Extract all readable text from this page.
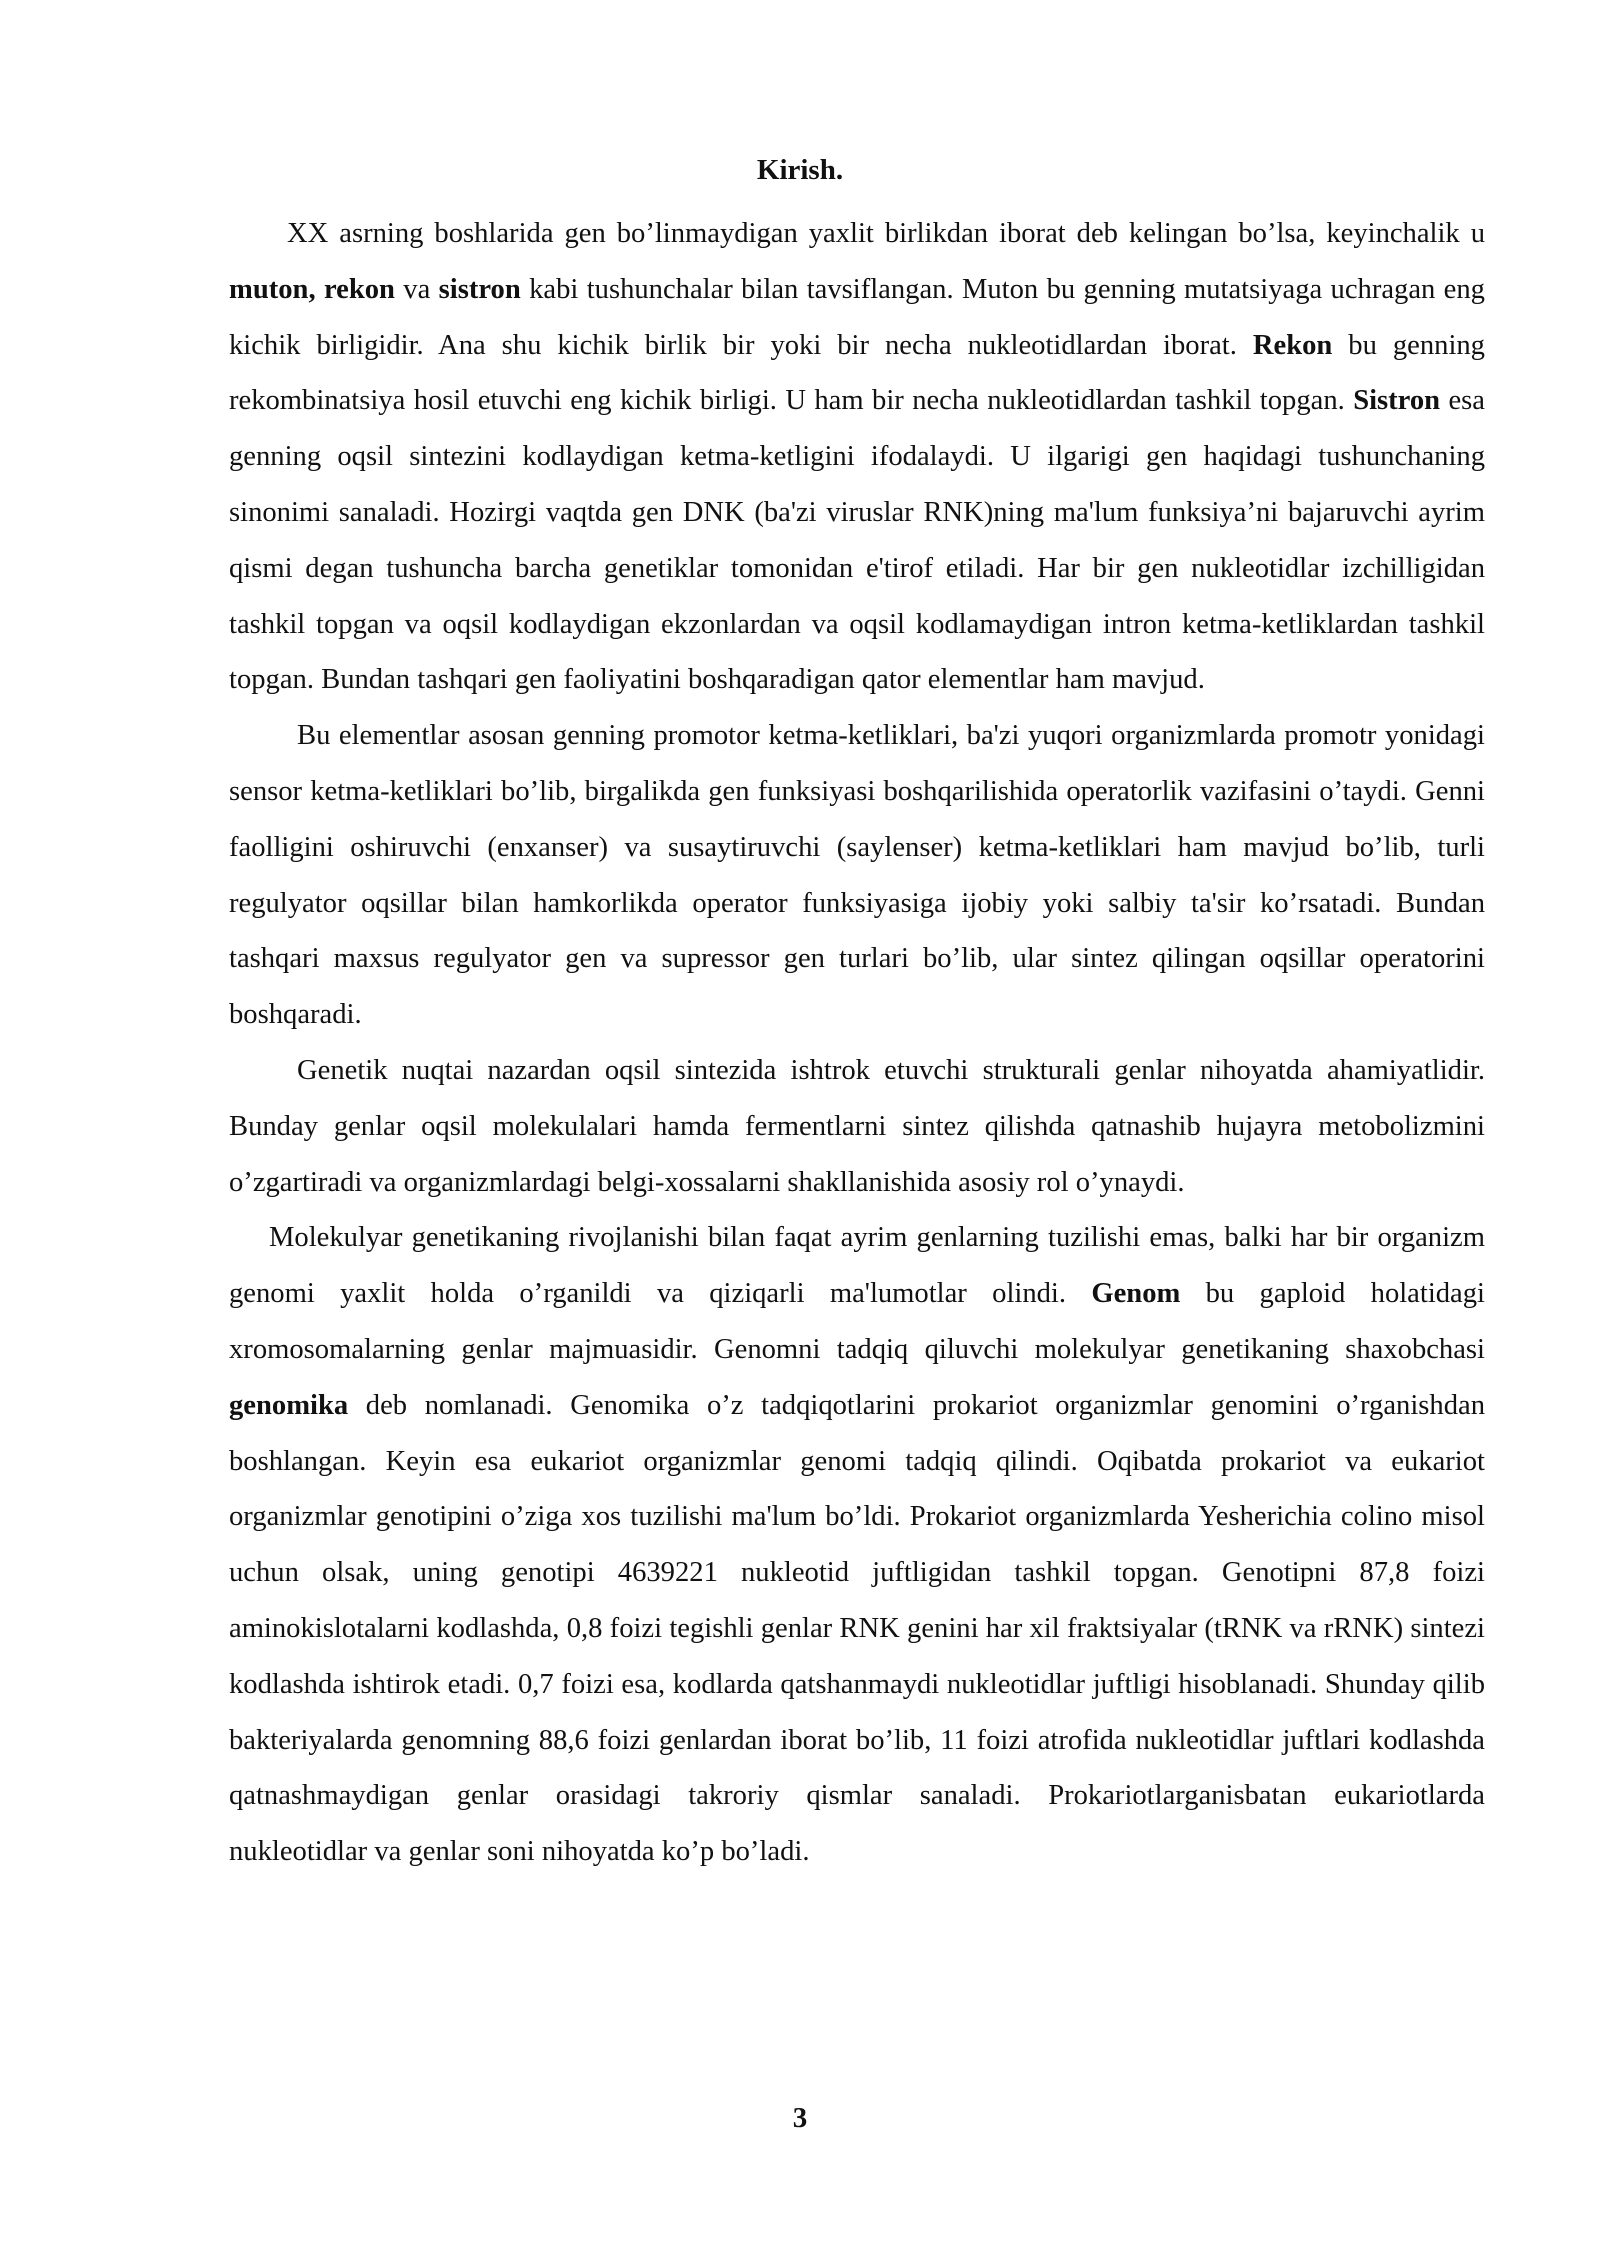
Kirish.

XX asrning boshlarida gen bo’linmaydigan yaxlit birlikdan iborat deb kelingan bo’lsa, keyinchalik u muton, rekon va sistron kabi tushunchalar bilan tavsiflangan. Muton bu genning mutatsiyaga uchragan eng kichik birligidir. Ana shu kichik birlik bir yoki bir necha nukleotidlardan iborat. Rekon bu genning rekombinatsiya hosil etuvchi eng kichik birligi. U ham bir necha nukleotidlardan tashkil topgan. Sistron esa genning oqsil sintezini kodlaydigan ketma-ketligini ifodalaydi. U ilgarigi gen haqidagi tushunchaning sinonimi sanaladi. Hozirgi vaqtda gen DNK (ba'zi viruslar RNK)ning ma'lum funksiya’ni bajaruvchi ayrim qismi degan tushuncha barcha genetiklar tomonidan e'tirof etiladi. Har bir gen nukleotidlar izchilligidan tashkil topgan va oqsil kodlaydigan ekzonlardan va oqsil kodlamaydigan intron ketma-ketliklardan tashkil topgan. Bundan tashqari gen faoliyatini boshqaradigan qator elementlar ham mavjud.

Bu elementlar asosan genning promotor ketma-ketliklari, ba'zi yuqori organizmlarda promotr yonidagi sensor ketma-ketliklari bo’lib, birgalikda gen funksiyasi boshqarilishida operatorlik vazifasini o’taydi. Genni faolligini oshiruvchi (enxanser) va susaytiruvchi (saylenser) ketma-ketliklari ham mavjud bo’lib, turli regulyator oqsillar bilan hamkorlikda operator funksiyasiga ijobiy yoki salbiy ta'sir ko’rsatadi. Bundan tashqari maxsus regulyator gen va supressor gen turlari bo’lib, ular sintez qilingan oqsillar operatorini boshqaradi.

Genetik nuqtai nazardan oqsil sintezida ishtrok etuvchi strukturali genlar nihoyatda ahamiyatlidir. Bunday genlar oqsil molekulalari hamda fermentlarni sintez qilishda qatnashib hujayra metobolizmini o’zgartiradi va organizmlardagi belgi-xossalarni shakllanishida asosiy rol o’ynaydi.

Molekulyar genetikaning rivojlanishi bilan faqat ayrim genlarning tuzilishi emas, balki har bir organizm genomi yaxlit holda o’rganildi va qiziqarli ma'lumotlar olindi. Genom bu gaploid holatidagi xromosomalarning genlar majmuasidir. Genomni tadqiq qiluvchi molekulyar genetikaning shaxobchasi genomika deb nomlanadi. Genomika o’z tadqiqotlarini prokariot organizmlar genomini o’rganishdan boshlangan. Keyin esa eukariot organizmlar genomi tadqiq qilindi. Oqibatda prokariot va eukariot organizmlar genotipini o’ziga xos tuzilishi ma'lum bo’ldi. Prokariot organizmlarda Yesherichia colino misol uchun olsak, uning genotipi 4639221 nukleotid juftligidan tashkil topgan. Genotipni 87,8 foizi aminokislotalarni kodlashda, 0,8 foizi tegishli genlar RNK genini har xil fraktsiyalar (tRNK va rRNK) sintezi kodlashda ishtirok etadi. 0,7 foizi esa, kodlarda qatshanmaydi nukleotidlar juftligi hisoblanadi. Shunday qilib bakteriyalarda genomning 88,6 foizi genlardan iborat bo’lib, 11 foizi atrofida nukleotidlar juftlari kodlashda qatnashmaydigan genlar orasidagi takroriy qismlar sanaladi. Prokariotlarganisbatan eukariotlarda nukleotidlar va genlar soni nihoyatda ko’p bo’ladi.

3
